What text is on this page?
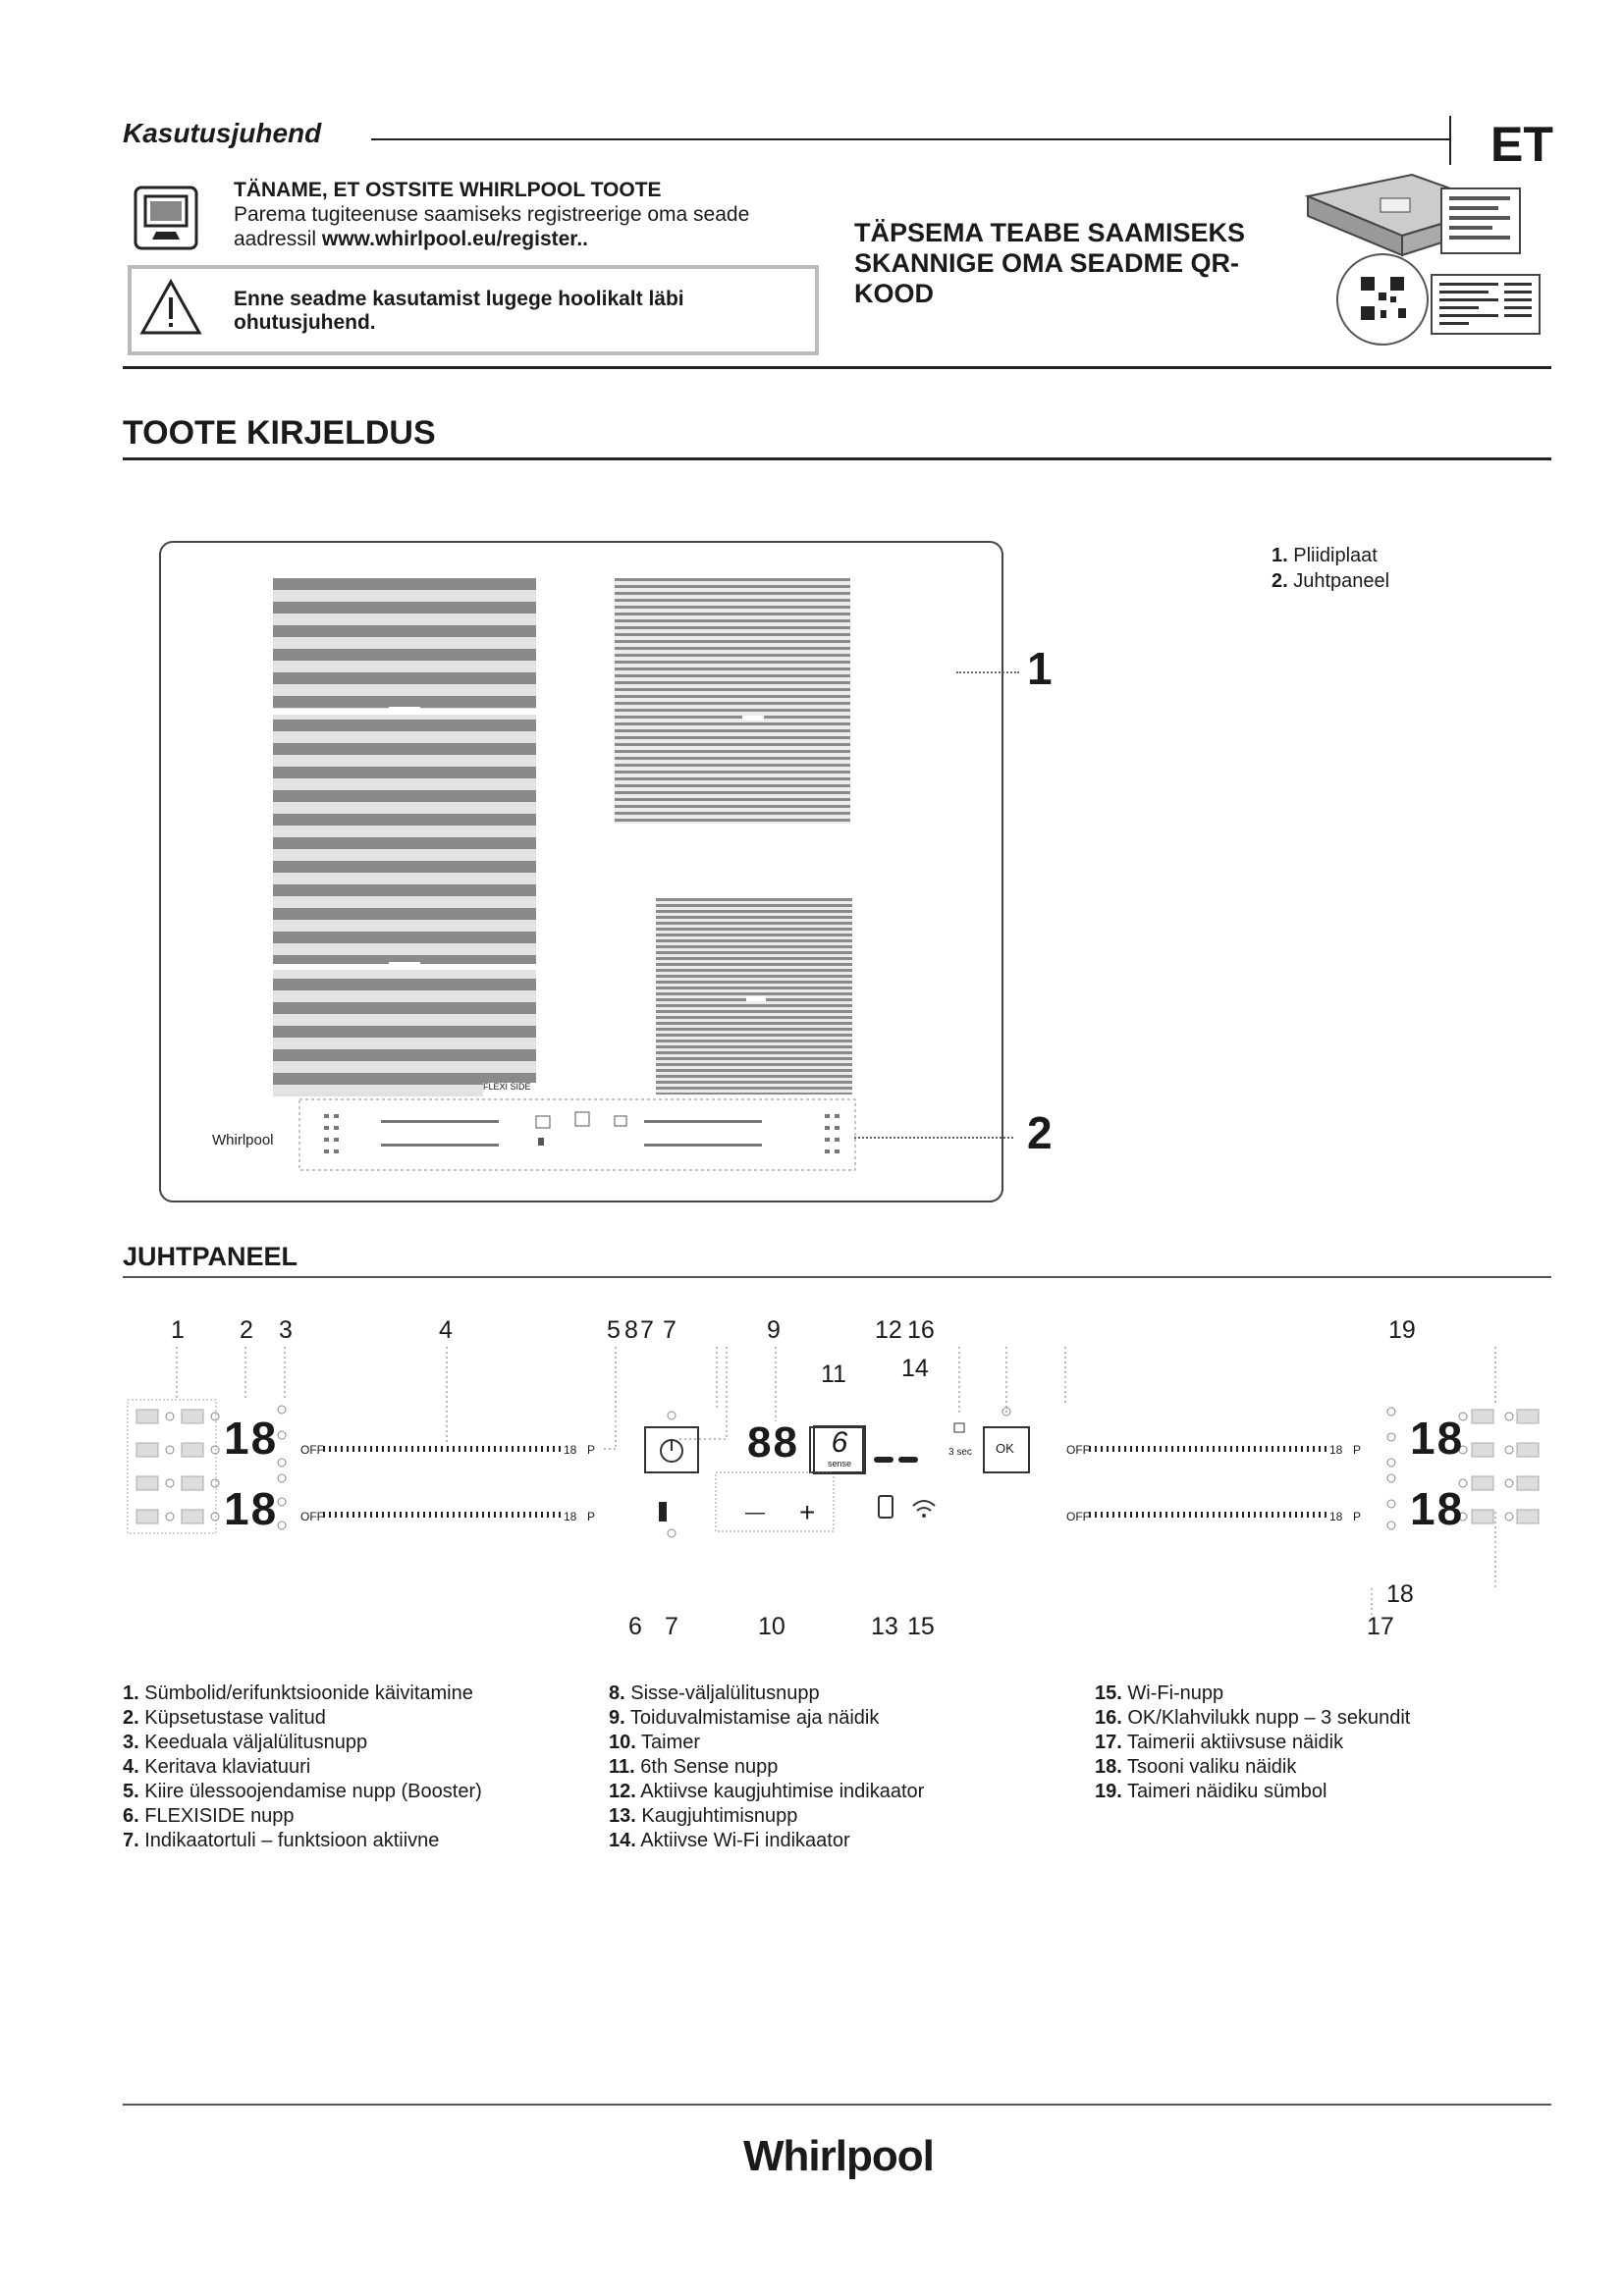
Kasutusjuhend	ET
TÄNAME, ET OSTSITE WHIRLPOOL TOOTE
Parema tugiteenuse saamiseks registreerige oma seade
aadressil www.whirlpool.eu/register..
Enne seadme kasutamist lugege hoolikalt läbi ohutusjuhend.
TÄPSEMA TEABE SAAMISEKS SKANNIGE OMA SEADME QR-KOOD
TOOTE KIRJELDUS
FLEXI SIDE
Whirlpool
1
2
1. Pliidiplaat
2. Juhtpaneel
JUHTPANEEL
1 2 3	4	5 8 7 7	9
11
12 16
14
19
18
18
18
18
OFF	18 P
OFF	18 P
OFF	18 P
OFF	18 P
88	6
sense
OK
3 sec
— +
6 7	10	13 15
18
17
1. Sümbolid/erifunktsioonide käivitamine
2. Küpsetustase valitud
3. Keeduala väljalülitusnupp
4. Keritava klaviatuuri
5. Kiire ülessoojendamise nupp (Booster)
6. FLEXISIDE nupp
7. Indikaatortuli – funktsioon aktiivne
8. Sisse-väljalülitusnupp
9. Toiduvalmistamise aja näidik
10. Taimer
11. 6th Sense nupp
12. Aktiivse kaugjuhtimise indikaator
13. Kaugjuhtimisnupp
14. Aktiivse Wi-Fi indikaator
15. Wi-Fi-nupp
16. OK/Klahvilukk nupp – 3 sekundit
17. Taimerii aktiivsuse näidik
18. Tsooni valiku näidik
19. Taimeri näidiku sümbol
Whirlpool
